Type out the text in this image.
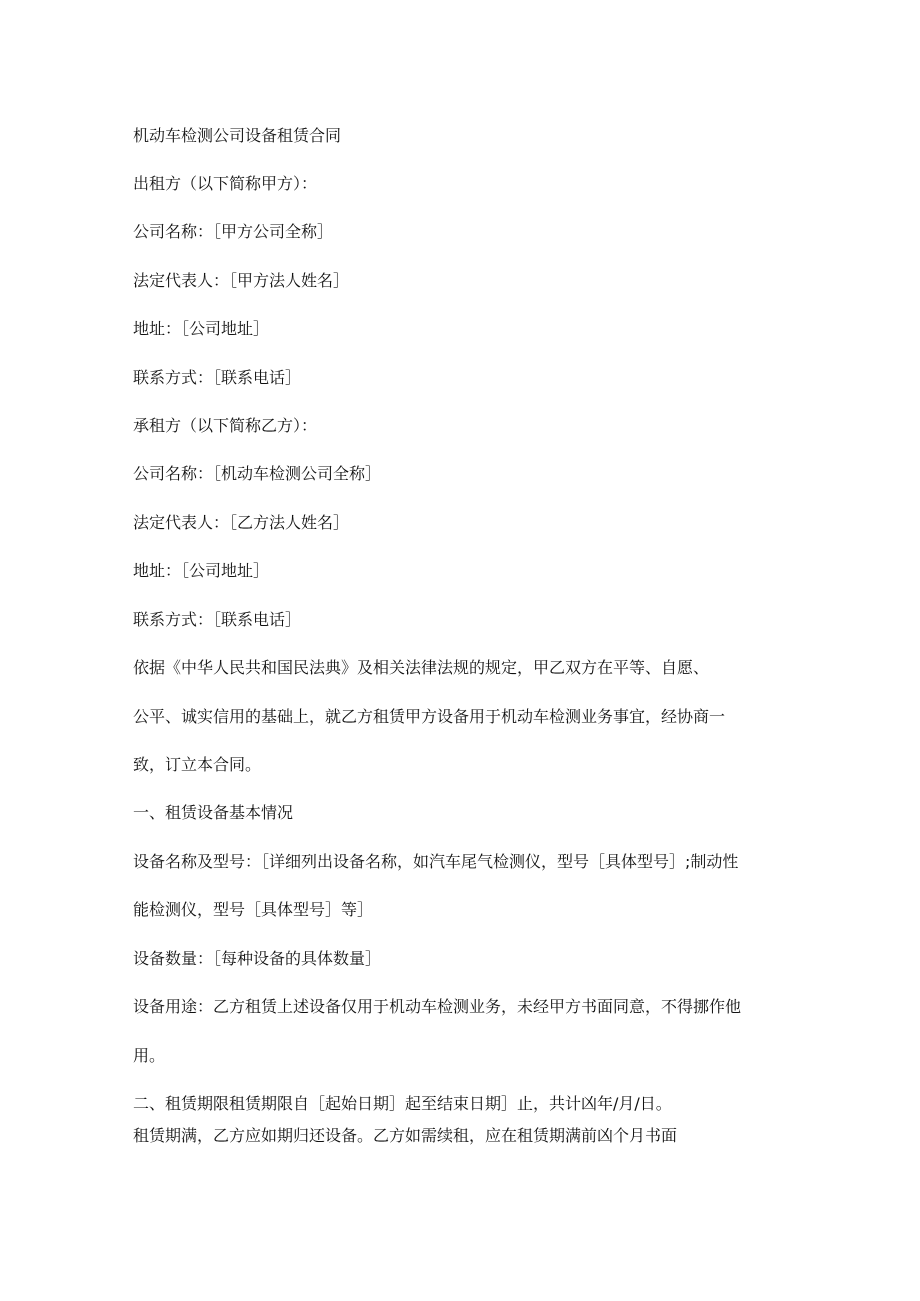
机动车检测公司设备租赁合同
出租方（以下简称甲方）：
公司名称：［甲方公司全称］
法定代表人：［甲方法人姓名］
地址：［公司地址］
联系方式：［联系电话］
承租方（以下简称乙方）：
公司名称：［机动车检测公司全称］
法定代表人：［乙方法人姓名］
地址：［公司地址］
联系方式：［联系电话］
依据《中华人民共和国民法典》及相关法律法规的规定，甲乙双方在平等、自愿、
公平、诚实信用的基础上，就乙方租赁甲方设备用于机动车检测业务事宜，经协商一
致，订立本合同。
一、租赁设备基本情况
设备名称及型号：［详细列出设备名称，如汽车尾气检测仪，型号［具体型号］;制动性
能检测仪，型号［具体型号］等］
设备数量：［每种设备的具体数量］
设备用途：乙方租赁上述设备仅用于机动车检测业务，未经甲方书面同意，不得挪作他
用。
二、租赁期限租赁期限自［起始日期］起至结束日期］止，共计凶年/月/日。
租赁期满，乙方应如期归还设备。乙方如需续租，应在租赁期满前凶个月书面
